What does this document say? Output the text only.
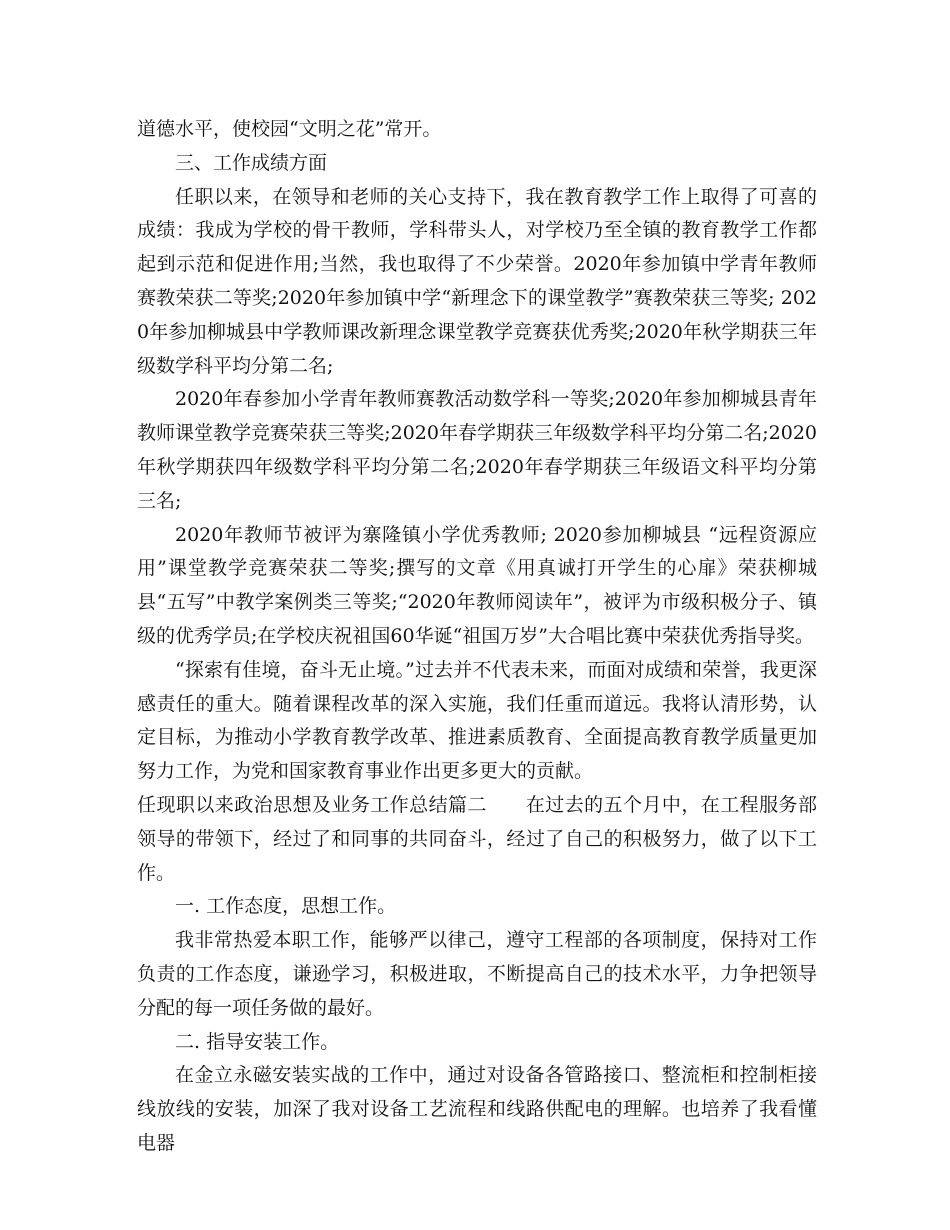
道德水平，使校园“文明之花”常开。

三、工作成绩方面

任职以来，在领导和老师的关心支持下，我在教育教学工作上取得了可喜的成绩：我成为学校的骨干教师，学科带头人，对学校乃至全镇的教育教学工作都起到示范和促进作用;当然，我也取得了不少荣誉。2020年参加镇中学青年教师赛教荣获二等奖;2020年参加镇中学“新理念下的课堂教学”赛教荣获三等奖; 2020年参加柳城县中学教师课改新理念课堂教学竞赛获优秀奖;2020年秋学期获三年级数学科平均分第二名;

2020年春参加小学青年教师赛教活动数学科一等奖;2020年参加柳城县青年教师课堂教学竞赛荣获三等奖;2020年春学期获三年级数学科平均分第二名;2020年秋学期获四年级数学科平均分第二名;2020年春学期获三年级语文科平均分第三名;

2020年教师节被评为寨隆镇小学优秀教师; 2020参加柳城县 “远程资源应用”课堂教学竞赛荣获二等奖;撰写的文章《用真诚打开学生的心扉》荣获柳城县“五写”中教学案例类三等奖;“2020年教师阅读年”，被评为市级积极分子、镇级的优秀学员;在学校庆祝祖国60华诞“祖国万岁”大合唱比赛中荣获优秀指导奖。

“探索有佳境，奋斗无止境。”过去并不代表未来，而面对成绩和荣誉，我更深感责任的重大。随着课程改革的深入实施，我们任重而道远。我将认清形势，认定目标，为推动小学教育教学改革、推进素质教育、全面提高教育教学质量更加努力工作，为党和国家教育事业作出更多更大的贡献。

任现职以来政治思想及业务工作总结篇二　　在过去的五个月中，在工程服务部领导的带领下，经过了和同事的共同奋斗，经过了自己的积极努力，做了以下工作。

一. 工作态度，思想工作。

我非常热爱本职工作，能够严以律己，遵守工程部的各项制度，保持对工作负责的工作态度，谦逊学习，积极进取，不断提高自己的技术水平，力争把领导分配的每一项任务做的最好。

二. 指导安装工作。

在金立永磁安装实战的工作中，通过对设备各管路接口、整流柜和控制柜接线放线的安装，加深了我对设备工艺流程和线路供配电的理解。也培养了我看懂电器
